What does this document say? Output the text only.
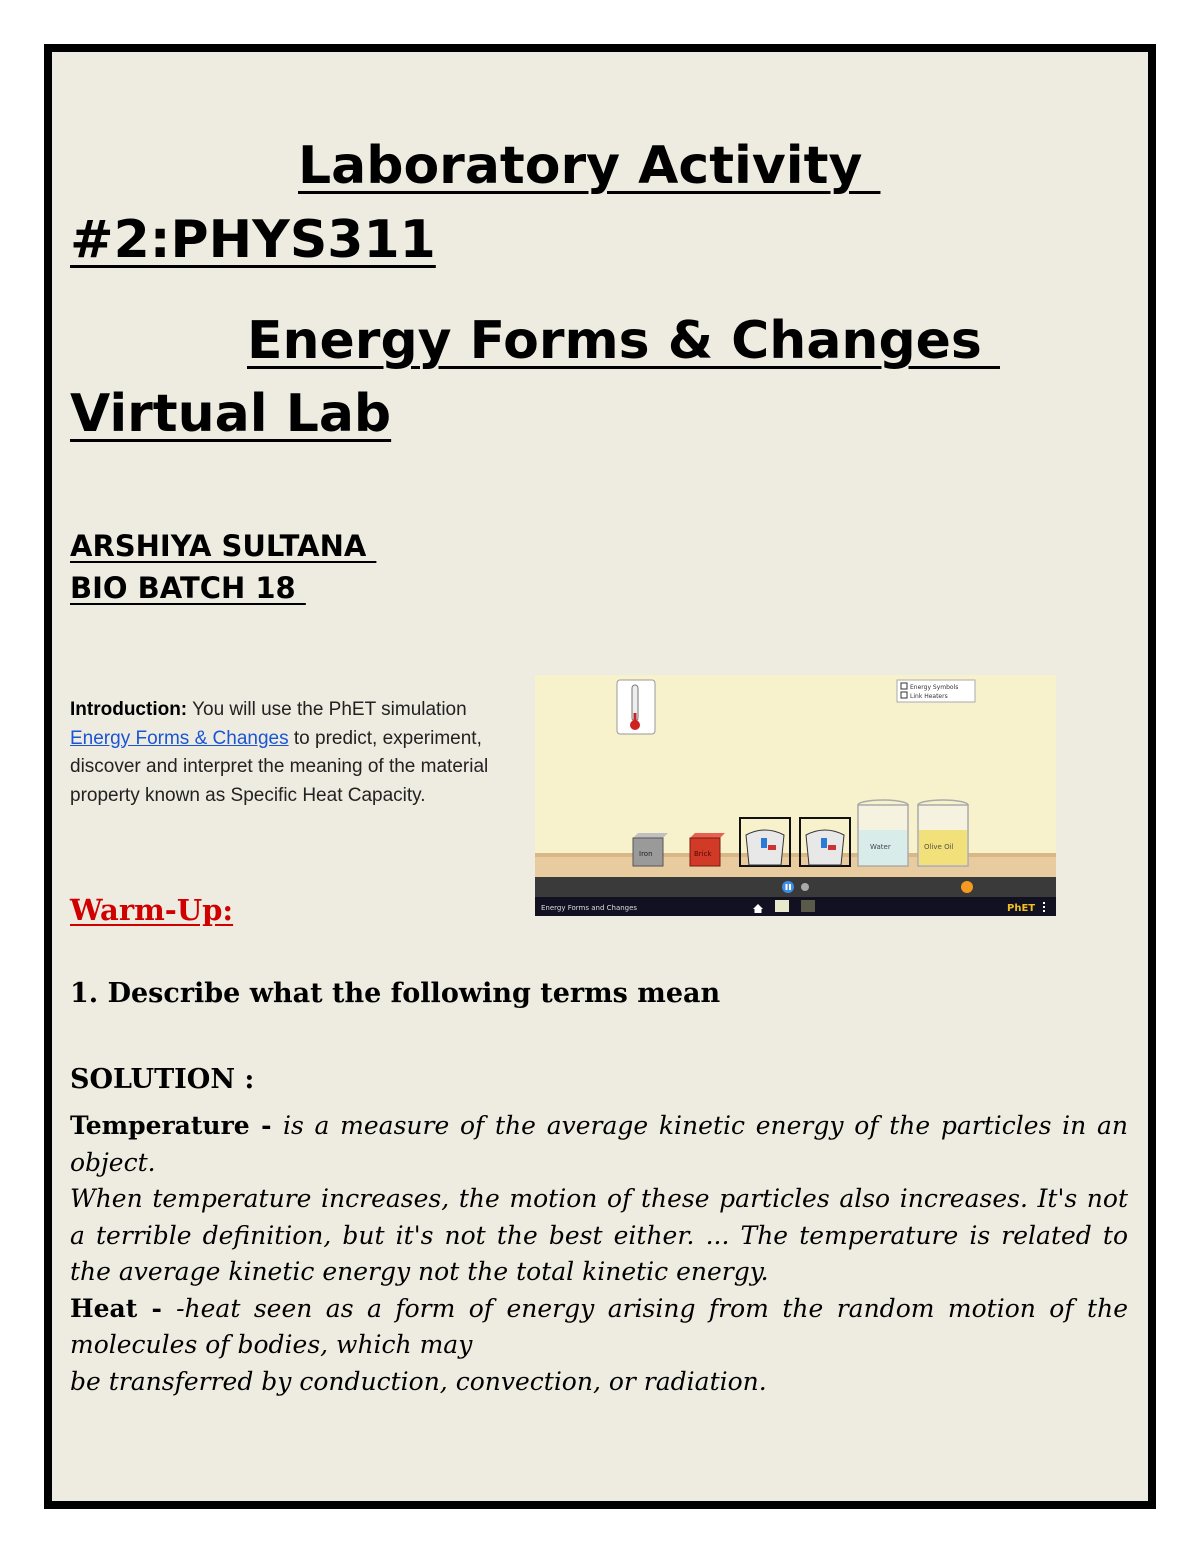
Laboratory Activity
#2:PHYS311
Energy Forms & Changes
Virtual Lab
ARSHIYA SULTANA
BIO BATCH 18
Introduction: You will use the PhET simulation Energy Forms & Changes to predict, experiment, discover and interpret the meaning of the material property known as Specific Heat Capacity.
Energy Symbols
Link Heaters
Iron	Brick
Water	Olive Oil
Energy Forms and Changes	PhET
Warm-Up:
1. Describe what the following terms mean
SOLUTION :
Temperature - is a measure of the average kinetic energy of the particles in an object.
When temperature increases, the motion of these particles also increases. It's not a terrible definition, but it's not the best either. ... The temperature is related to the average kinetic energy not the total kinetic energy.
Heat - -heat seen as a form of energy arising from the random motion of the molecules of bodies, which may
be transferred by conduction, convection, or radiation.
